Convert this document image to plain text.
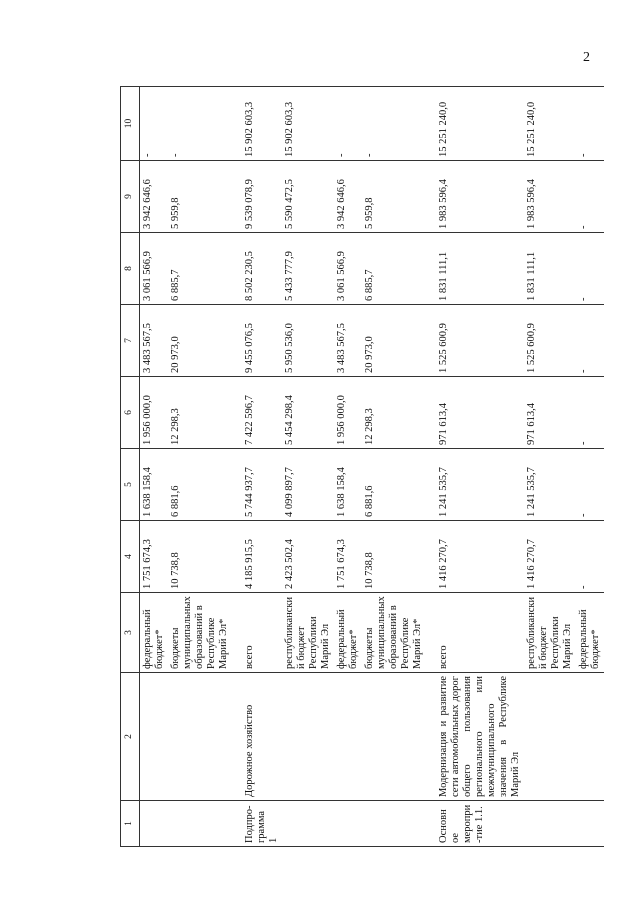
2
1	2	3	4	5	6	7	8	9	10
		федеральный бюджет*	1 751 674,3	1 638 158,4	1 956 000,0	3 483 567,5	3 061 566,9	3 942 646,6	-
		бюджеты муниципальных образований в Республике Марий Эл*	10 738,8	6 881,6	12 298,3	20 973,0	6 885,7	5 959,8	-
Подпро-грамма 1	Дорожное хозяйство	всего	4 185 915,5	5 744 937,7	7 422 596,7	9 455 076,5	8 502 230,5	9 539 078,9	15 902 603,3
		республиканский бюджет Республики Марий Эл	2 423 502,4	4 099 897,7	5 454 298,4	5 950 536,0	5 433 777,9	5 590 472,5	15 902 603,3
		федеральный бюджет*	1 751 674,3	1 638 158,4	1 956 000,0	3 483 567,5	3 061 566,9	3 942 646,6	-
		бюджеты муниципальных образований в Республике Марий Эл*	10 738,8	6 881,6	12 298,3	20 973,0	6 885,7	5 959,8	-
Основное меропри-тие 1.1.	Модернизация и развитие сети автомобильных дорог общего пользования регионального или межмуниципального значения в Республике Марий Эл	всего	1 416 270,7	1 241 535,7	971 613,4	1 525 600,9	1 831 111,1	1 983 596,4	15 251 240,0
		республиканский бюджет Республики Марий Эл	1 416 270,7	1 241 535,7	971 613,4	1 525 600,9	1 831 111,1	1 983 596,4	15 251 240,0
		федеральный бюджет*	-	-	-	-	-	-	-
